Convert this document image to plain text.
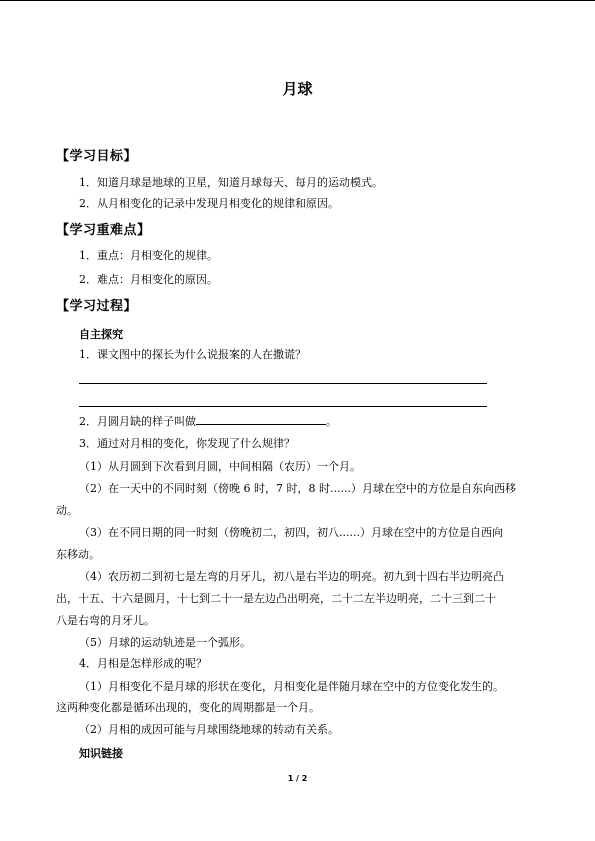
月球
【学习目标】
1．知道月球是地球的卫星，知道月球每天、每月的运动模式。
2．从月相变化的记录中发现月相变化的规律和原因。
【学习重难点】
1．重点：月相变化的规律。
2．难点：月相变化的原因。
【学习过程】
自主探究
1．课文图中的探长为什么说报案的人在撒谎？
2．月圆月缺的样子叫做	。
3．通过对月相的变化，你发现了什么规律？
（1）从月圆到下次看到月圆，中间相隔（农历）一个月。
（2）在一天中的不同时刻（傍晚 6 时，7 时，8 时......）月球在空中的方位是自东向西移
动。
（3）在不同日期的同一时刻（傍晚初二，初四，初八......）月球在空中的方位是自西向
东移动。
（4）农历初二到初七是左弯的月牙儿，初八是右半边的明亮。初九到十四右半边明亮凸
出，十五、十六是圆月，十七到二十一是左边凸出明亮，二十二左半边明亮，二十三到二十
八是右弯的月牙儿。
（5）月球的运动轨迹是一个弧形。
4．月相是怎样形成的呢？
（1）月相变化不是月球的形状在变化，月相变化是伴随月球在空中的方位变化发生的。
这两种变化都是循环出现的，变化的周期都是一个月。
（2）月相的成因可能与月球围绕地球的转动有关系。
知识链接
1 / 2
